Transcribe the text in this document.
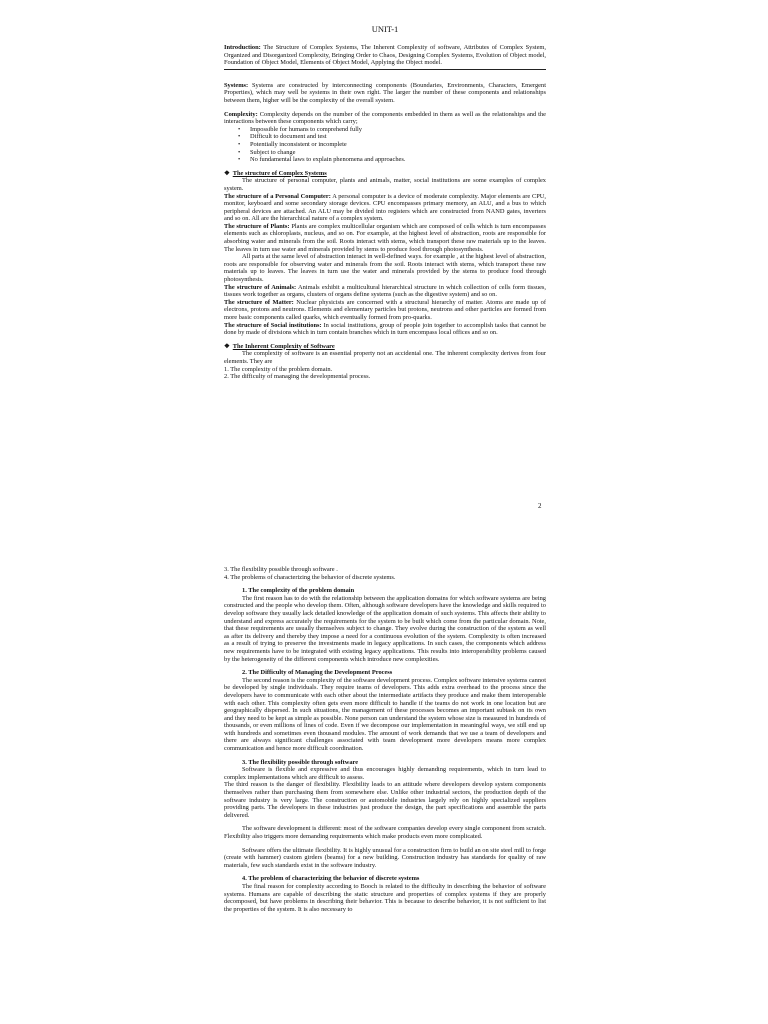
UNIT-1

Introduction: The Structure of Complex Systems, The Inherent Complexity of software, Attributes of Complex System, Organized and Disorganized Complexity, Bringing Order to Chaos, Designing Complex Systems, Evolution of Object model, Foundation of Object Model, Elements of Object Model, Applying the Object model.

Systems: Systems are constructed by interconnecting components (Boundaries, Environments, Characters, Emergent Properties), which may well be systems in their own right. The larger the number of these components and relationships between them, higher will be the complexity of the overall system.

Complexity: Complexity depends on the number of the components embedded in them as well as the relationships and the interactions between these components which carry;

• Impossible for humans to comprehend fully
• Difficult to document and test
• Potentially inconsistent or incomplete
• Subject to change
• No fundamental laws to explain phenomena and approaches.
❖ The structure of Complex Systems

The structure of personal computer, plants and animals, matter, social institutions are some examples of complex system.

The structure of a Personal Computer: A personal computer is a device of moderate complexity. Major elements are CPU, monitor, keyboard and some secondary storage devices. CPU encompasses primary memory, an ALU, and a bus to which peripheral devices are attached. An ALU may be divided into registers which are constructed from NAND gates, inverters and so on. All are the hierarchical nature of a complex system.

The structure of Plants: Plants are complex multicellular organism which are composed of cells which is turn encompasses elements such as chloroplasts, nucleus, and so on. For example, at the highest level of abstraction, roots are responsible for absorbing water and minerals from the soil. Roots interact with stems, which transport these raw materials up to the leaves. The leaves in turn use water and minerals provided by stems to produce food through photosynthesis.

All parts at the same level of abstraction interact in well-defined ways. for example , at the highest level of abstraction, roots are responsible for observing water and minerals from the soil. Roots interact with stems, which transport these raw materials up to leaves. The leaves in turn use the water and minerals provided by the stems to produce food through photosynthesis.

The structure of Animals: Animals exhibit a multicultural hierarchical structure in which collection of cells form tissues, tissues work together as organs, clusters of organs define systems (such as the digestive system) and so on.

The structure of Matter: Nuclear physicists are concerned with a structural hierarchy of matter. Atoms are made up of electrons, protons and neutrons. Elements and elementary particles but protons, neutrons and other particles are formed from more basic components called quarks, which eventually formed from pro-quarks.

The structure of Social institutions: In social institutions, group of people join together to accomplish tasks that cannot be done by made of divisions which in turn contain branches which in turn encompass local offices and so on.

❖ The Inherent Complexity of Software

The complexity of software is an essential property not an accidental one. The inherent complexity derives from four elements. They are

1. The complexity of the problem domain.
2. The difficulty of managing the developmental process.
2
3. The flexibility possible through software .
4. The problems of characterizing the behavior of discrete systems.
1. The complexity of the problem domain

The first reason has to do with the relationship between the application domains for which software systems are being constructed and the people who develop them. Often, although software developers have the knowledge and skills required to develop software they usually lack detailed knowledge of the application domain of such systems. This affects their ability to understand and express accurately the requirements for the system to be built which come from the particular domain. Note, that these requirements are usually themselves subject to change. They evolve during the construction of the system as well as after its delivery and thereby they impose a need for a continuous evolution of the system. Complexity is often increased as a result of trying to preserve the investments made in legacy applications. In such cases, the components which address new requirements have to be integrated with existing legacy applications. This results into interoperability problems caused by the heterogeneity of the different components which introduce new complexities.

2. The Difficulty of Managing the Development Process

The second reason is the complexity of the software development process. Complex software intensive systems cannot be developed by single individuals. They require teams of developers. This adds extra overhead to the process since the developers have to communicate with each other about the intermediate artifacts they produce and make them interoperable with each other. This complexity often gets even more difficult to handle if the teams do not work in one location but are geographically dispersed. In such situations, the management of these processes becomes an important subtask on its own and they need to be kept as simple as possible. None person can understand the system whose size is measured in hundreds of thousands, or even millions of lines of code. Even if we decompose our implementation in meaningful ways, we still end up with hundreds and sometimes even thousand modules. The amount of work demands that we use a team of developers and there are always significant challenges associated with team development more developers means more complex communication and hence more difficult coordination.

3. The flexibility possible through software

Software is flexible and expressive and thus encourages highly demanding requirements, which in turn lead to complex implementations which are difficult to assess.

The third reason is the danger of flexibility. Flexibility leads to an attitude where developers develop system components themselves rather than purchasing them from somewhere else. Unlike other industrial sectors, the production depth of the software industry is very large. The construction or automobile industries largely rely on highly specialized suppliers providing parts. The developers in these industries just produce the design, the part specifications and assemble the parts delivered.

The software development is different: most of the software companies develop every single component from scratch. Flexibility also triggers more demanding requirements which make products even more complicated.

Software offers the ultimate flexibility. It is highly unusual for a construction firm to build an on site steel mill to forge (create with hammer) custom girders (beams) for a new building. Construction industry has standards for quality of raw materials, few such standards exist in the software industry.

4. The problem of characterizing the behavior of discrete systems

The final reason for complexity according to Booch is related to the difficulty in describing the behavior of software systems. Humans are capable of describing the static structure and properties of complex systems if they are properly decomposed, but have problems in describing their behavior. This is because to describe behavior, it is not sufficient to list the properties of the system. It is also necessary to
